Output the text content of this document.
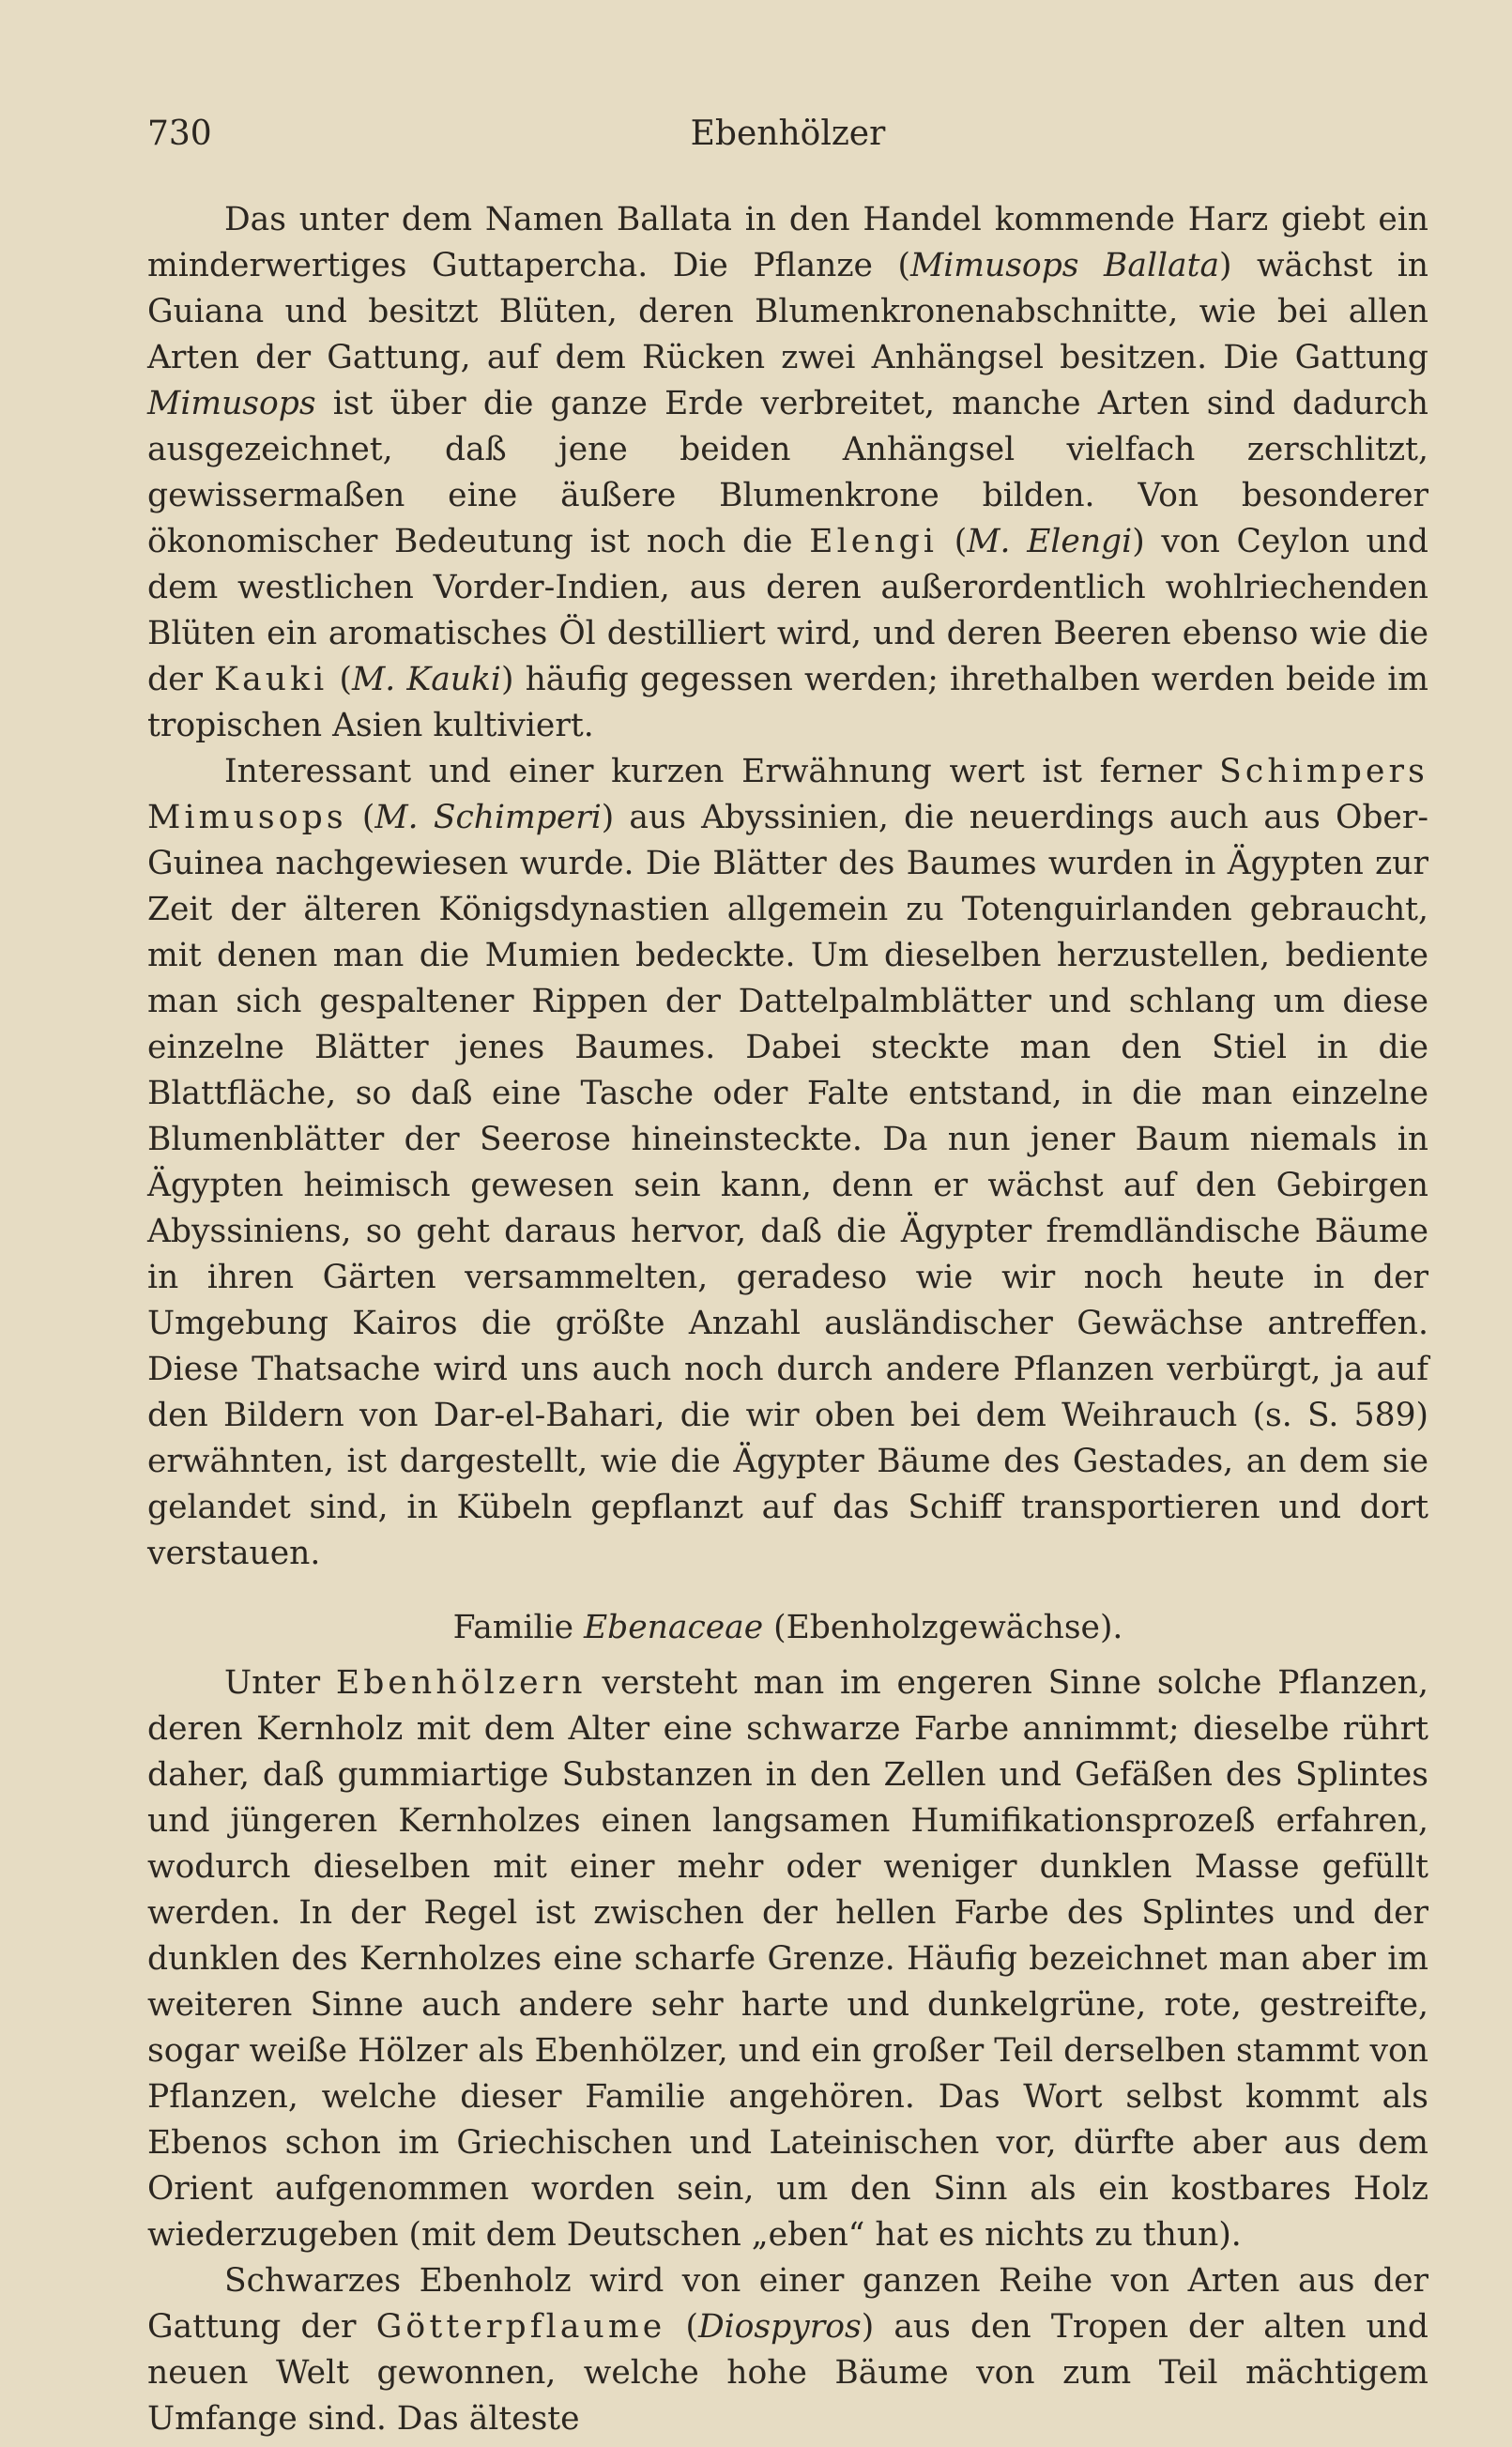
730	Ebenhölzer

Das unter dem Namen Ballata in den Handel kommende Harz giebt ein minderwertiges Guttapercha. Die Pflanze (Mimusops Ballata) wächst in Guiana und besitzt Blüten, deren Blumenkronenabschnitte, wie bei allen Arten der Gattung, auf dem Rücken zwei Anhängsel besitzen. Die Gattung Mimusops ist über die ganze Erde verbreitet, manche Arten sind dadurch ausgezeichnet, daß jene beiden Anhängsel vielfach zerschlitzt, gewissermaßen eine äußere Blumenkrone bilden. Von besonderer ökonomischer Bedeutung ist noch die Elengi (M. Elengi) von Ceylon und dem westlichen Vorder-Indien, aus deren außerordentlich wohlriechenden Blüten ein aromatisches Öl destilliert wird, und deren Beeren ebenso wie die der Kauki (M. Kauki) häufig gegessen werden; ihrethalben werden beide im tropischen Asien kultiviert.

Interessant und einer kurzen Erwähnung wert ist ferner Schimpers Mimusops (M. Schimperi) aus Abyssinien, die neuerdings auch aus Ober-Guinea nachgewiesen wurde. Die Blätter des Baumes wurden in Ägypten zur Zeit der älteren Königsdynastien allgemein zu Totenguirlanden gebraucht, mit denen man die Mumien bedeckte. Um dieselben herzustellen, bediente man sich gespaltener Rippen der Dattelpalmblätter und schlang um diese einzelne Blätter jenes Baumes. Dabei steckte man den Stiel in die Blattfläche, so daß eine Tasche oder Falte entstand, in die man einzelne Blumenblätter der Seerose hineinsteckte. Da nun jener Baum niemals in Ägypten heimisch gewesen sein kann, denn er wächst auf den Gebirgen Abyssiniens, so geht daraus hervor, daß die Ägypter fremdländische Bäume in ihren Gärten versammelten, geradeso wie wir noch heute in der Umgebung Kairos die größte Anzahl ausländischer Gewächse antreffen. Diese Thatsache wird uns auch noch durch andere Pflanzen verbürgt, ja auf den Bildern von Dar-el-Bahari, die wir oben bei dem Weihrauch (s. S. 589) erwähnten, ist dargestellt, wie die Ägypter Bäume des Gestades, an dem sie gelandet sind, in Kübeln gepflanzt auf das Schiff transportieren und dort verstauen.

Familie Ebenaceae (Ebenholzgewächse).

Unter Ebenhölzern versteht man im engeren Sinne solche Pflanzen, deren Kernholz mit dem Alter eine schwarze Farbe annimmt; dieselbe rührt daher, daß gummiartige Substanzen in den Zellen und Gefäßen des Splintes und jüngeren Kernholzes einen langsamen Humifikationsprozeß erfahren, wodurch dieselben mit einer mehr oder weniger dunklen Masse gefüllt werden. In der Regel ist zwischen der hellen Farbe des Splintes und der dunklen des Kernholzes eine scharfe Grenze. Häufig bezeichnet man aber im weiteren Sinne auch andere sehr harte und dunkelgrüne, rote, gestreifte, sogar weiße Hölzer als Ebenhölzer, und ein großer Teil derselben stammt von Pflanzen, welche dieser Familie angehören. Das Wort selbst kommt als Ebenos schon im Griechischen und Lateinischen vor, dürfte aber aus dem Orient aufgenommen worden sein, um den Sinn als ein kostbares Holz wiederzugeben (mit dem Deutschen „eben“ hat es nichts zu thun).

Schwarzes Ebenholz wird von einer ganzen Reihe von Arten aus der Gattung der Götterpflaume (Diospyros) aus den Tropen der alten und neuen Welt gewonnen, welche hohe Bäume von zum Teil mächtigem Umfange sind. Das älteste
